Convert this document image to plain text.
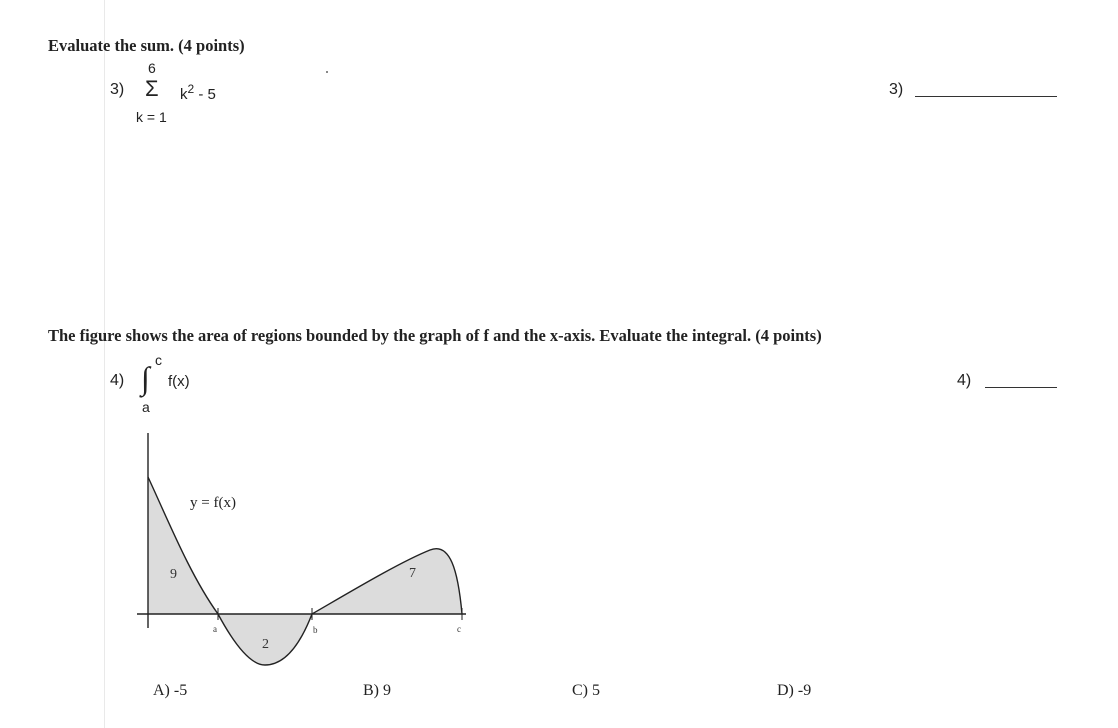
Evaluate the sum. (4 points)
3)
6
Σ $k^2 - 5$
k = 1
3)
The figure shows the area of regions bounded by the graph of f and the x-axis. Evaluate the integral. (4 points)
4)
c
∫ f(x)
a
4)
y = f(x)
9
2
7
a	b	c
A) -5	B) 9	C) 5	D) -9
